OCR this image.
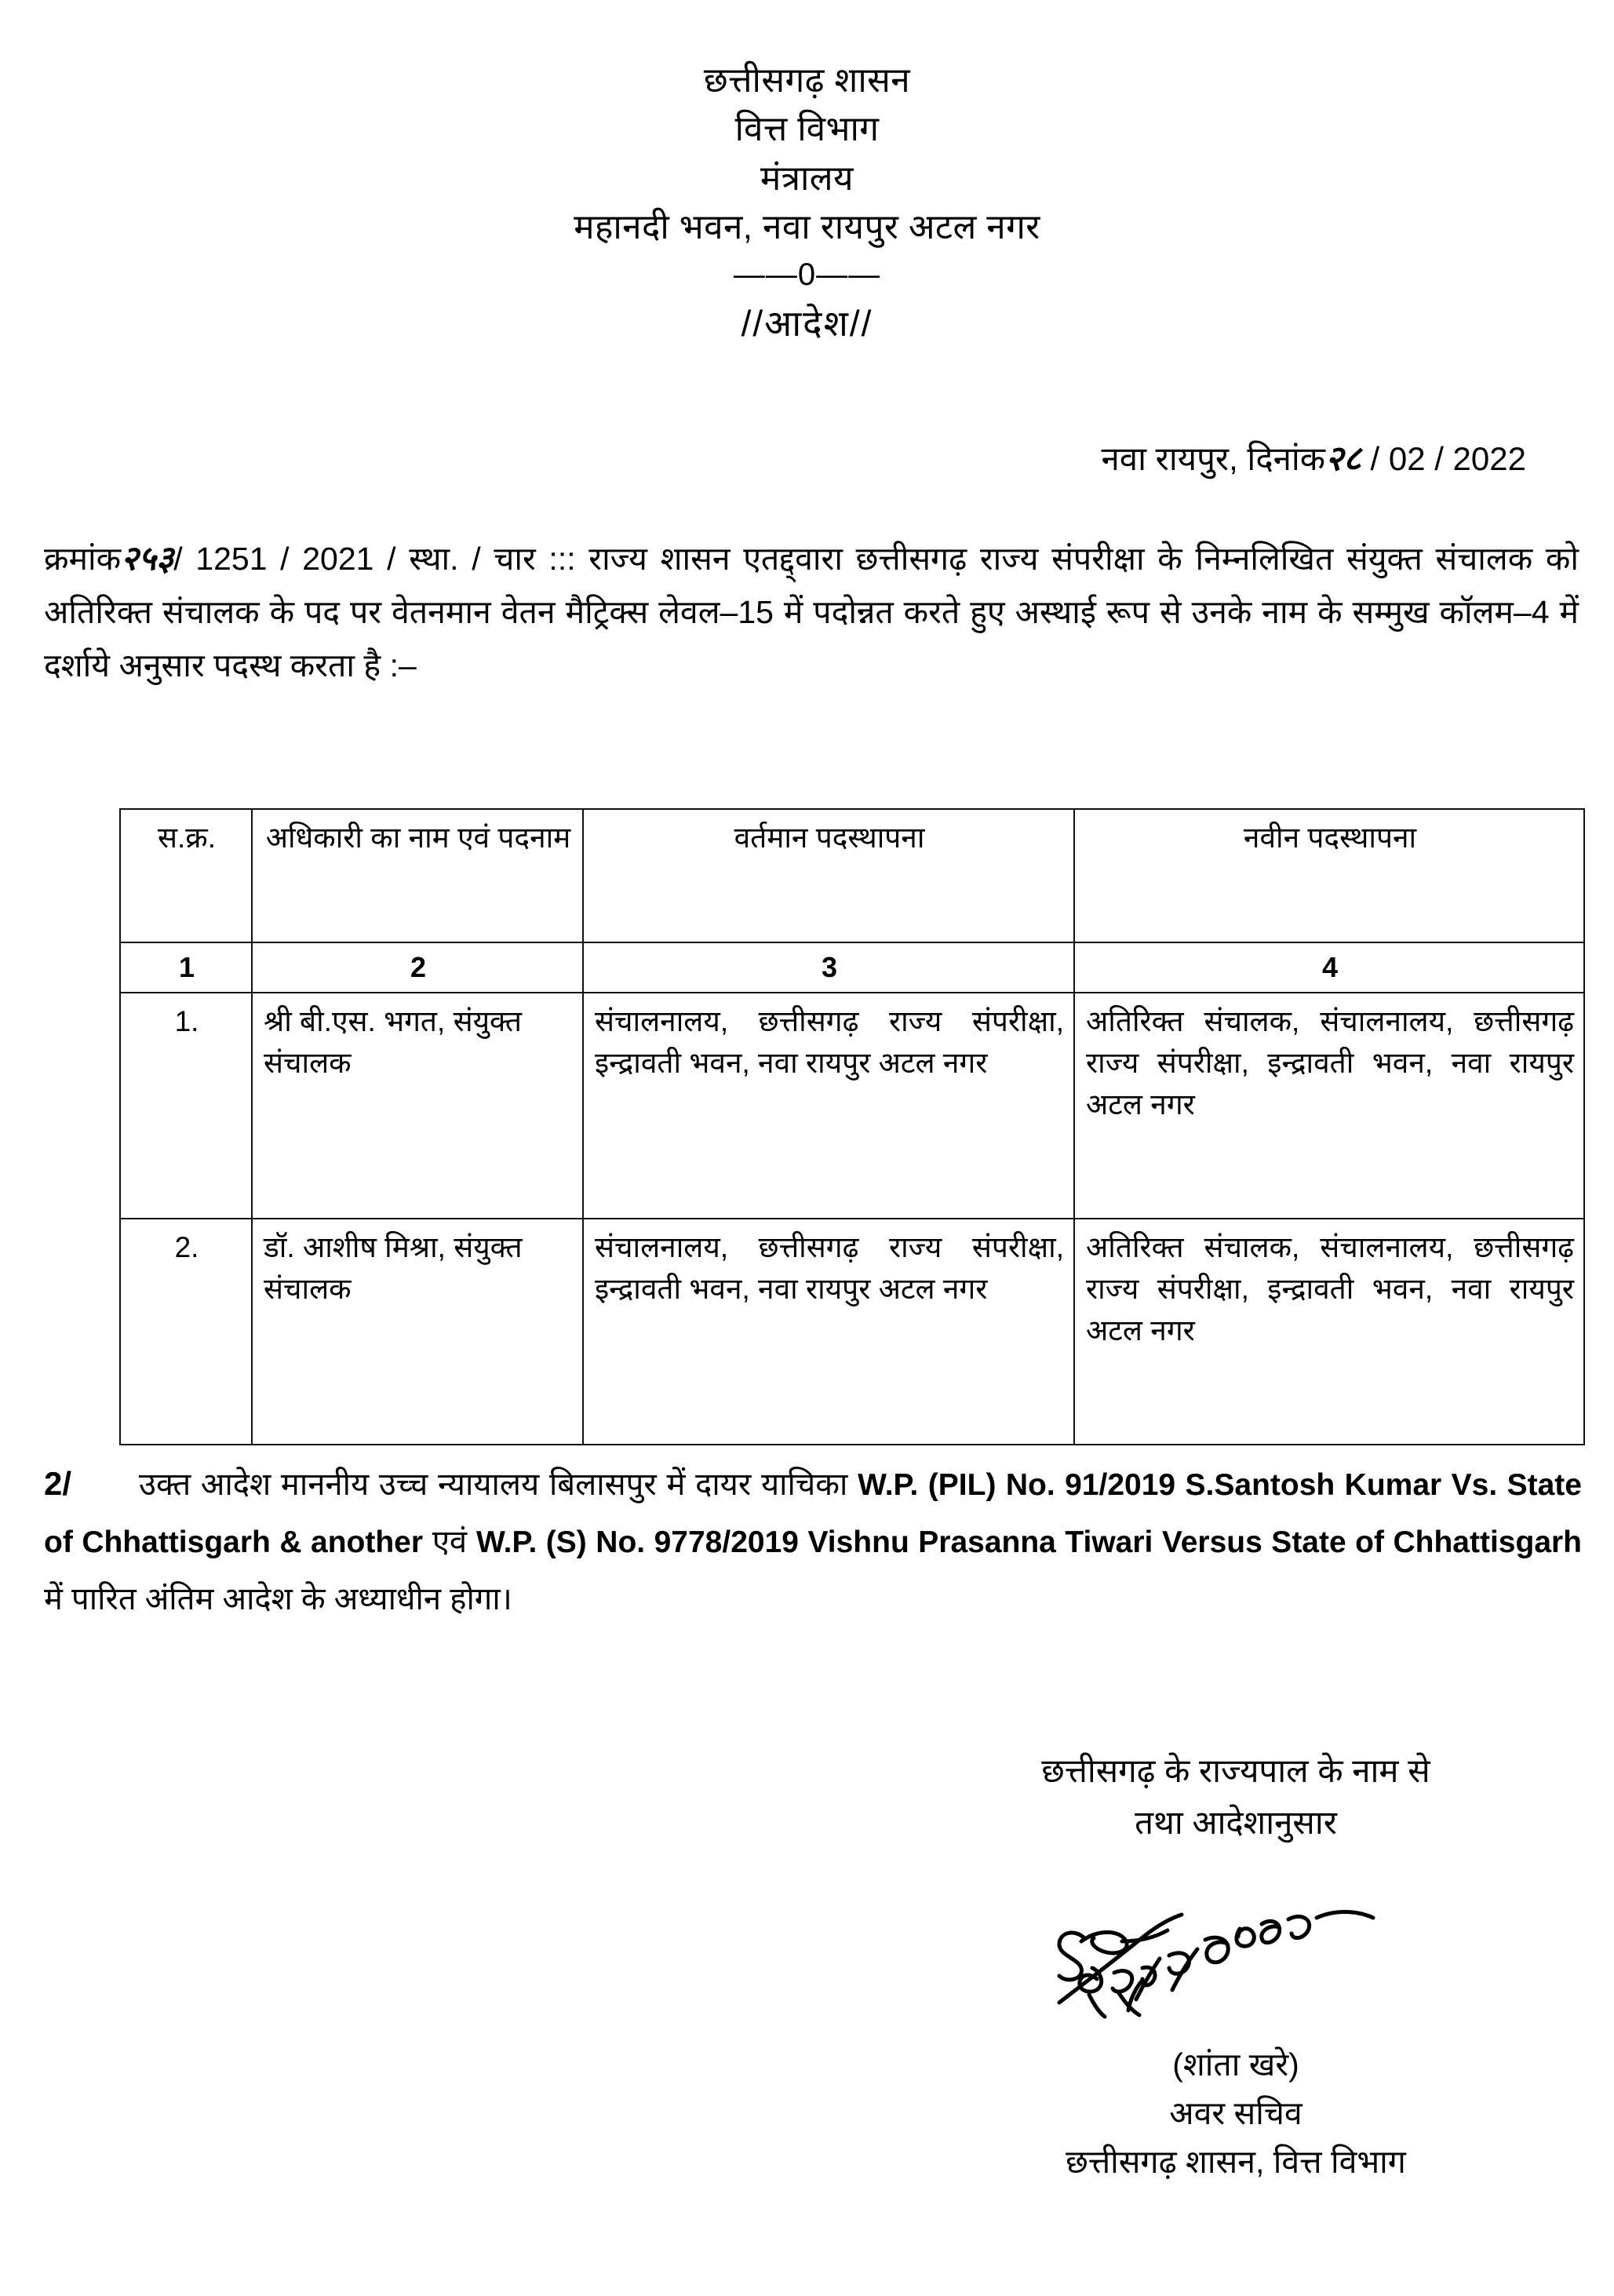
छत्तीसगढ़ शासन
वित्त विभाग
मंत्रालय
महानदी भवन, नवा रायपुर अटल नगर
——0——
//आदेश//
नवा रायपुर, दिनांक२८ / 02 / 2022
क्रमांक२५३/ 1251 / 2021 / स्था. / चार ::: राज्य शासन एतद्द्वारा छत्तीसगढ़ राज्य संपरीक्षा के निम्नलिखित संयुक्त संचालक को अतिरिक्त संचालक के पद पर वेतनमान वेतन मैट्रिक्स लेवल–15 में पदोन्नत करते हुए अस्थाई रूप से उनके नाम के सम्मुख कॉलम–4 में दर्शाये अनुसार पदस्थ करता है :–
स.क्र.	अधिकारी का नाम एवं पदनाम	वर्तमान पदस्थापना	नवीन पदस्थापना
1	2	3	4
1.	श्री बी.एस. भगत, संयुक्त संचालक	संचालनालय, छत्तीसगढ़ राज्य संपरीक्षा, इन्द्रावती भवन, नवा रायपुर अटल नगर	अतिरिक्त संचालक, संचालनालय, छत्तीसगढ़ राज्य संपरीक्षा, इन्द्रावती भवन, नवा रायपुर अटल नगर
2.	डॉ. आशीष मिश्रा, संयुक्त संचालक	संचालनालय, छत्तीसगढ़ राज्य संपरीक्षा, इन्द्रावती भवन, नवा रायपुर अटल नगर	अतिरिक्त संचालक, संचालनालय, छत्तीसगढ़ राज्य संपरीक्षा, इन्द्रावती भवन, नवा रायपुर अटल नगर
2/ उक्त आदेश माननीय उच्च न्यायालय बिलासपुर में दायर याचिका W.P. (PIL) No. 91/2019 S.Santosh Kumar Vs. State of Chhattisgarh & another एवं W.P. (S) No. 9778/2019 Vishnu Prasanna Tiwari Versus State of Chhattisgarh में पारित अंतिम आदेश के अध्याधीन होगा।
छत्तीसगढ़ के राज्यपाल के नाम से
तथा आदेशानुसार
(शांता खरे)
अवर सचिव
छत्तीसगढ़ शासन, वित्त विभाग
